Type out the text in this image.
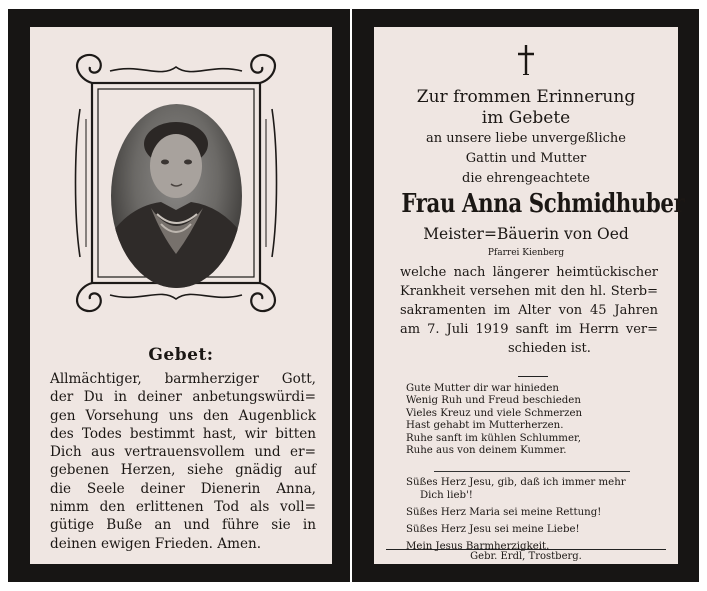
Gebet:
Allmächtiger, barmherziger Gott,
der Du in deiner anbetungswürdi=
gen Vorsehung uns den Augenblick
des Todes bestimmt hast, wir bitten
Dich aus vertrauensvollem und er=
gebenen Herzen, siehe gnädig auf
die Seele deiner Dienerin Anna,
nimm den erlittenen Tod als voll=
gütige Buße an und führe sie in
deinen ewigen Frieden. Amen.
Zur frommen Erinnerung
im Gebete
an unsere liebe unvergeßliche
Gattin und Mutter
die ehrengeachtete
Frau Anna Schmidhuber
Meister=Bäuerin von Oed
Pfarrei Kienberg
welche nach längerer heimtückischer
Krankheit versehen mit den hl. Sterb=
sakramenten im Alter von 45 Jahren
am 7. Juli 1919 sanft im Herrn ver=
schieden ist.
Gute Mutter dir war hinieden
Wenig Ruh und Freud beschieden
Vieles Kreuz und viele Schmerzen
Hast gehabt im Mutterherzen.
Ruhe sanft im kühlen Schlummer,
Ruhe aus von deinem Kummer.
Süßes Herz Jesu, gib, daß ich immer mehr
Dich lieb'!
Süßes Herz Maria sei meine Rettung!
Süßes Herz Jesu sei meine Liebe!
Mein Jesus Barmherzigkeit.
Gebr. Erdl, Trostberg.
